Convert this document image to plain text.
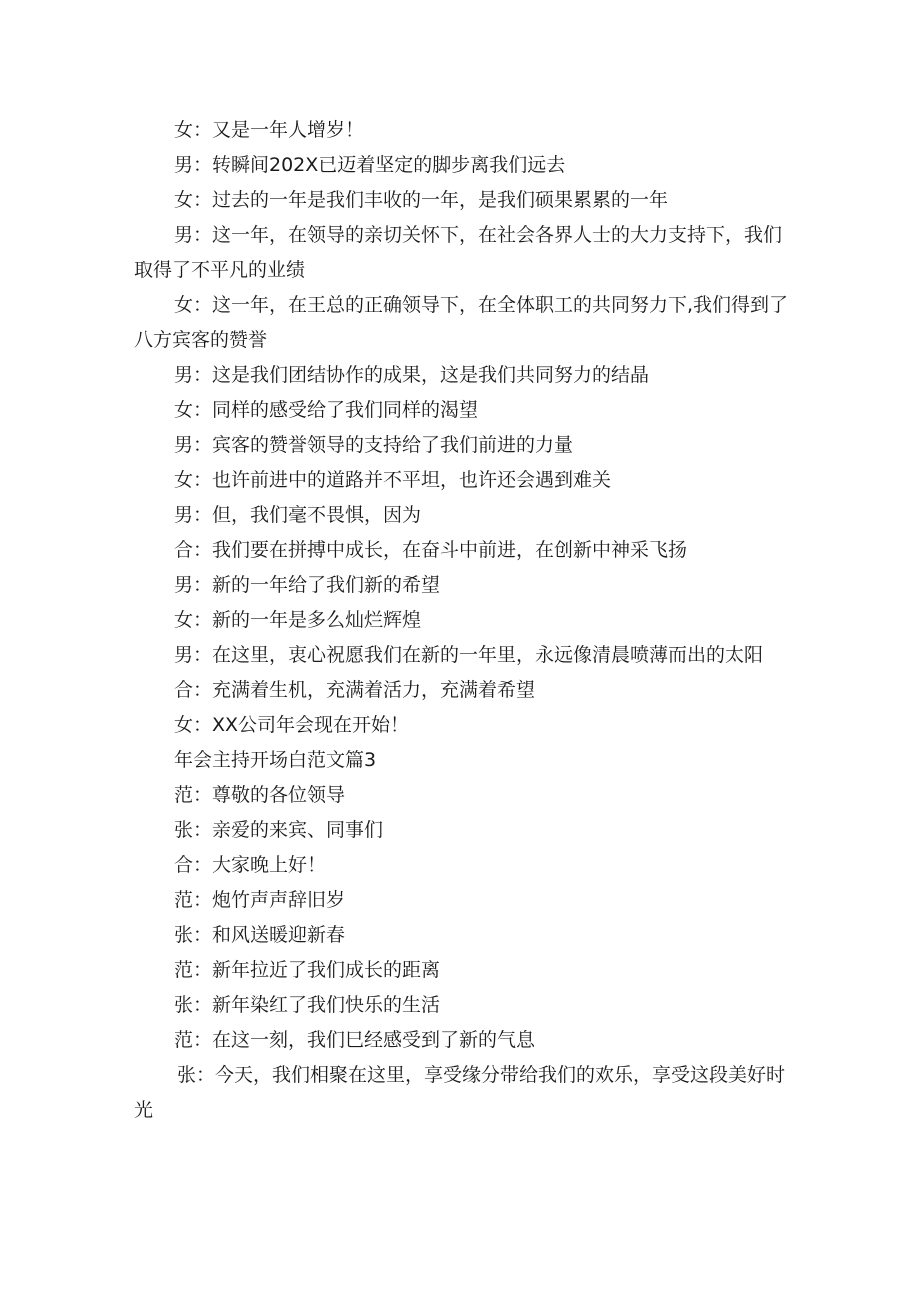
女：又是一年人增岁！

男：转瞬间202X已迈着坚定的脚步离我们远去

女：过去的一年是我们丰收的一年，是我们硕果累累的一年

男：这一年，在领导的亲切关怀下，在社会各界人士的大力支持下，我们取得了不平凡的业绩

女：这一年，在王总的正确领导下，在全体职工的共同努力下,我们得到了八方宾客的赞誉

男：这是我们团结协作的成果，这是我们共同努力的结晶

女：同样的感受给了我们同样的渴望

男：宾客的赞誉领导的支持给了我们前进的力量

女：也许前进中的道路并不平坦，也许还会遇到难关

男：但，我们毫不畏惧，因为

合：我们要在拼搏中成长，在奋斗中前进，在创新中神采飞扬

男：新的一年给了我们新的希望

女：新的一年是多么灿烂辉煌

男：在这里，衷心祝愿我们在新的一年里，永远像清晨喷薄而出的太阳

合：充满着生机，充满着活力，充满着希望

女：XX公司年会现在开始！

年会主持开场白范文篇3

范：尊敬的各位领导

张：亲爱的来宾、同事们

合：大家晚上好！

范：炮竹声声辞旧岁

张：和风送暖迎新春

范：新年拉近了我们成长的距离

张：新年染红了我们快乐的生活

范：在这一刻，我们巳经感受到了新的气息

张：今天，我们相聚在这里，享受缘分带给我们的欢乐，享受这段美好时光
